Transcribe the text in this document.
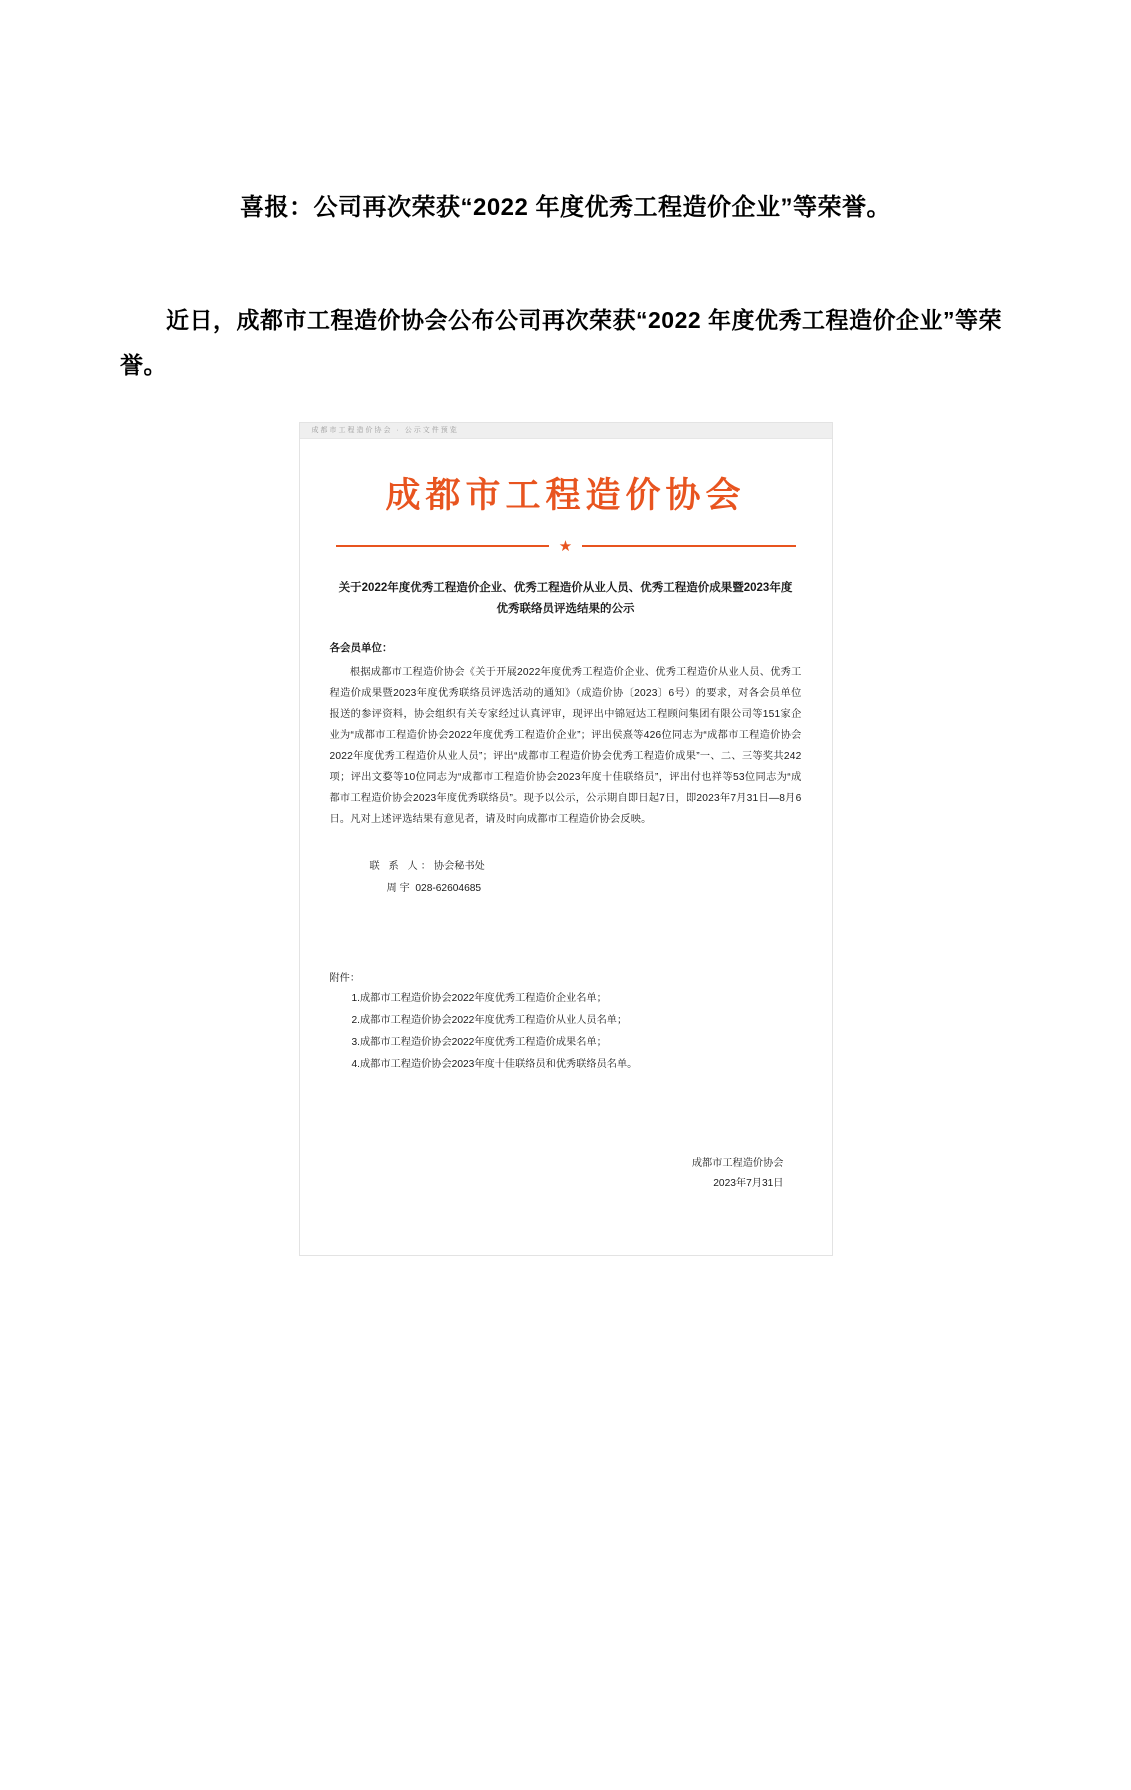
喜报：公司再次荣获“2022 年度优秀工程造价企业”等荣誉。
近日，成都市工程造价协会公布公司再次荣获“2022 年度优秀工程造价企业”等荣誉。
成都市工程造价协会 · 公示文件预览
成都市工程造价协会
★
关于2022年度优秀工程造价企业、优秀工程造价从业人员、优秀工程造价成果暨2023年度优秀联络员评选结果的公示
各会员单位：
根据成都市工程造价协会《关于开展2022年度优秀工程造价企业、优秀工程造价从业人员、优秀工程造价成果暨2023年度优秀联络员评选活动的通知》（成造价协〔2023〕6号）的要求，对各会员单位报送的参评资料，协会组织有关专家经过认真评审，现评出中锦冠达工程顾问集团有限公司等151家企业为“成都市工程造价协会2022年度优秀工程造价企业”；评出侯熹等426位同志为“成都市工程造价协会2022年度优秀工程造价从业人员”；评出“成都市工程造价协会优秀工程造价成果”一、二、三等奖共242项；评出文婺等10位同志为“成都市工程造价协会2023年度十佳联络员”，评出付也祥等53位同志为“成都市工程造价协会2023年度优秀联络员”。现予以公示，公示期自即日起7日，即2023年7月31日—8月6日。凡对上述评选结果有意见者，请及时向成都市工程造价协会反映。
联 系 人：协会秘书处
周 宇 028-62604685
附件：
1.成都市工程造价协会2022年度优秀工程造价企业名单；
2.成都市工程造价协会2022年度优秀工程造价从业人员名单；
3.成都市工程造价协会2022年度优秀工程造价成果名单；
4.成都市工程造价协会2023年度十佳联络员和优秀联络员名单。
成都市工程造价协会
2023年7月31日
